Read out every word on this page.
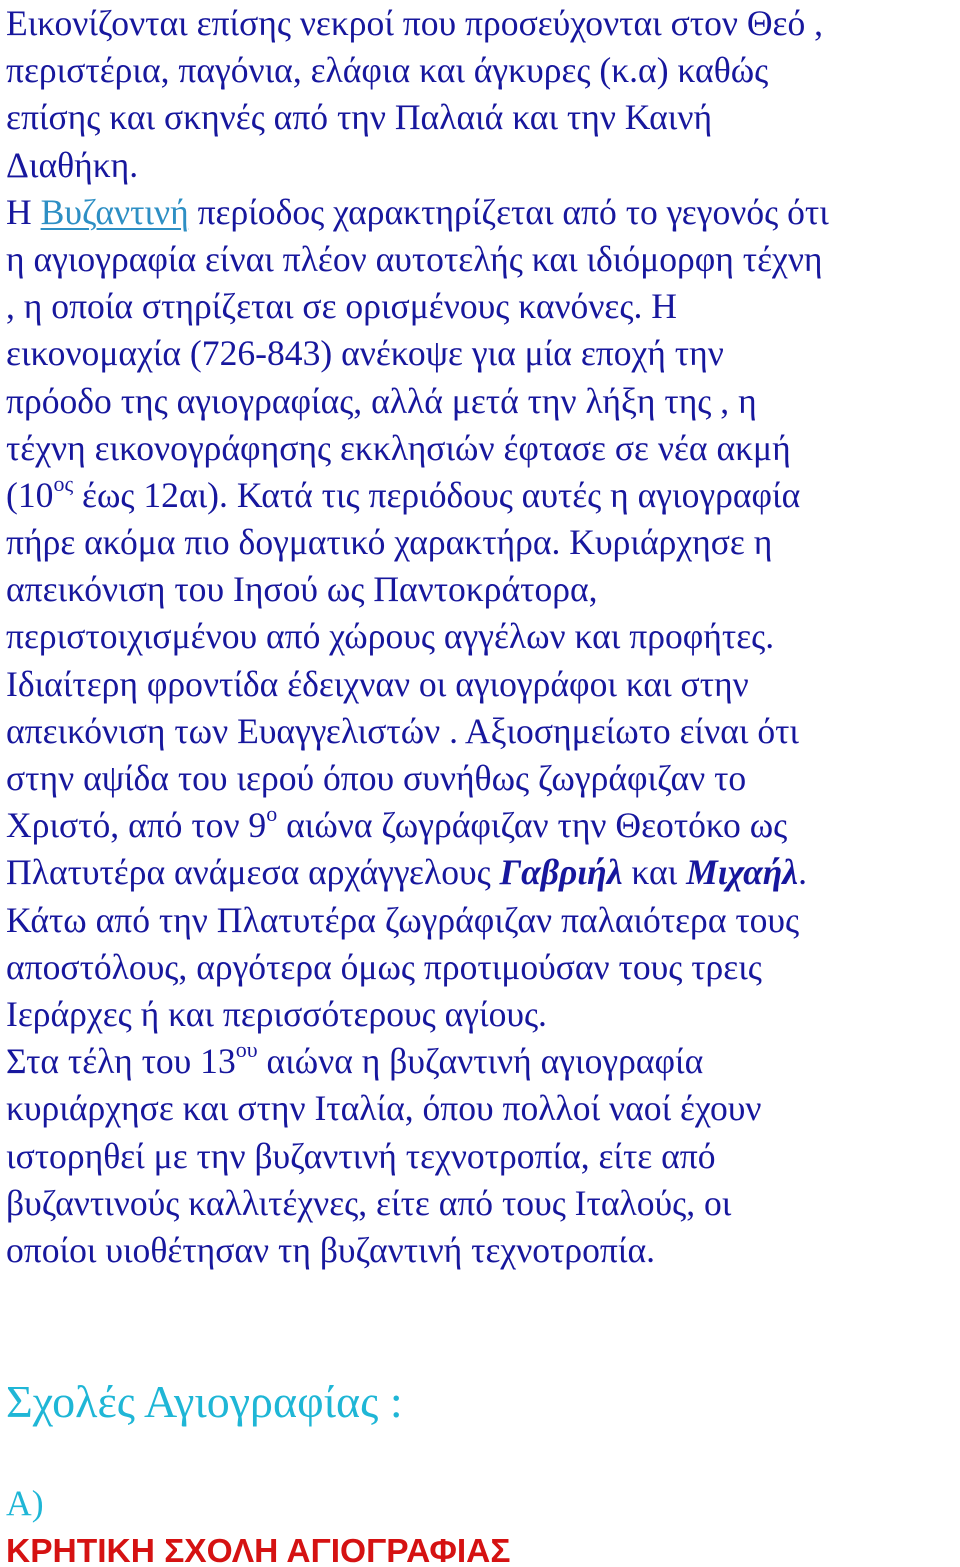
Εικονίζονται επίσης νεκροί που προσεύχονται στον Θεό ,
περιστέρια, παγόνια, ελάφια και άγκυρες (κ.α) καθώς
επίσης και σκηνές από την Παλαιά και την Καινή
Διαθήκη.
Η Βυζαντινή περίοδος χαρακτηρίζεται από το γεγονός ότι
η αγιογραφία είναι πλέον αυτοτελής και ιδιόμορφη τέχνη
, η οποία στηρίζεται σε ορισμένους κανόνες. Η
εικονομαχία (726-843) ανέκοψε για μία εποχή την
πρόοδο της αγιογραφίας, αλλά μετά την λήξη της , η
τέχνη εικονογράφησης εκκλησιών έφτασε σε νέα ακμή
($10^{o\varsigma}$ έως 12αι). Κατά τις περιόδους αυτές η αγιογραφία
πήρε ακόμα πιο δογματικό χαρακτήρα. Κυριάρχησε η
απεικόνιση του Ιησού ως Παντοκράτορα,
περιστοιχισμένου από χώρους αγγέλων και προφήτες.
Ιδιαίτερη φροντίδα έδειχναν οι αγιογράφοι και στην
απεικόνιση των Ευαγγελιστών . Αξιοσημείωτο είναι ότι
στην αψίδα του ιερού όπου συνήθως ζωγράφιζαν το
Χριστό, από τον $9^o$ αιώνα ζωγράφιζαν την Θεοτόκο ως
Πλατυτέρα ανάμεσα αρχάγγελους Γαβριήλ και Μιχαήλ.
Κάτω από την Πλατυτέρα ζωγράφιζαν παλαιότερα τους
αποστόλους, αργότερα όμως προτιμούσαν τους τρεις
Ιεράρχες ή και περισσότερους αγίους.
Στα τέλη του $13^{o\upsilon}$ αιώνα η βυζαντινή αγιογραφία
κυριάρχησε και στην Ιταλία, όπου πολλοί ναοί έχουν
ιστορηθεί με την βυζαντινή τεχνοτροπία, είτε από
βυζαντινούς καλλιτέχνες, είτε από τους Ιταλούς, οι
οποίοι υιοθέτησαν τη βυζαντινή τεχνοτροπία.
Σχολές Αγιογραφίας :
Α)
ΚΡΗΤΙΚΗ ΣΧΟΛΗ ΑΓΙΟΓΡΑΦΙΑΣ
